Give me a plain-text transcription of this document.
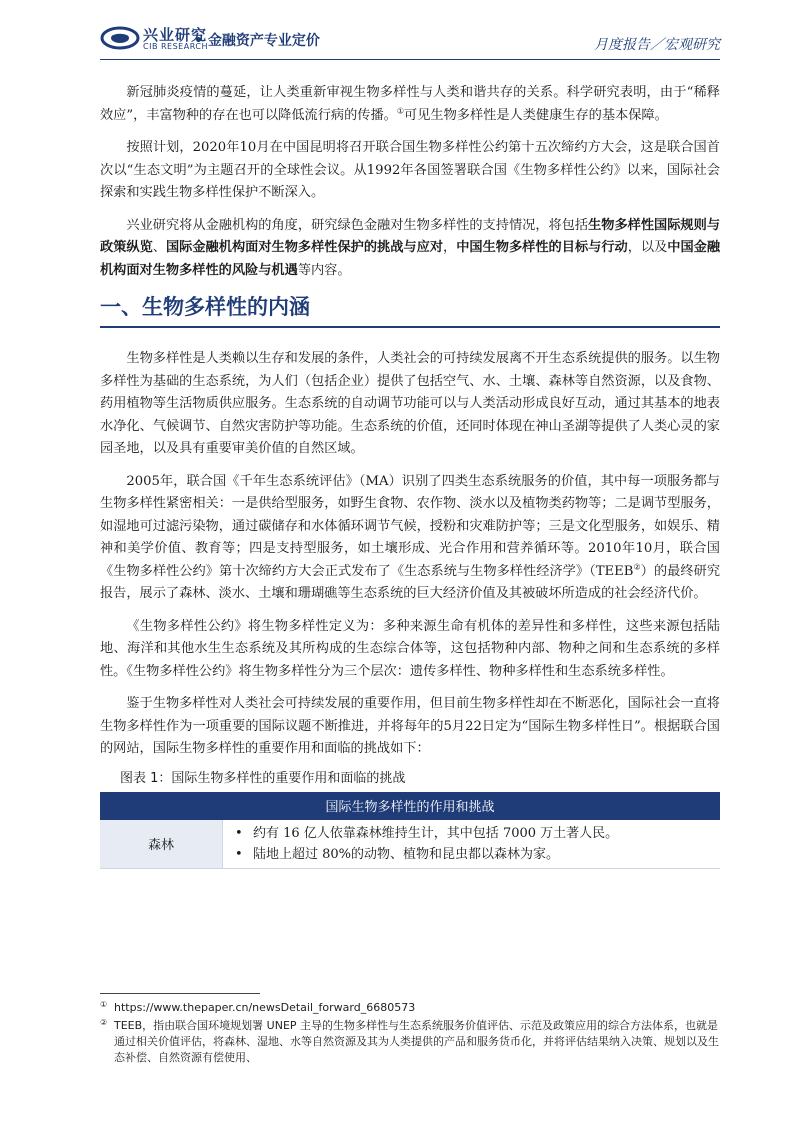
兴业研究
CIB RESEARCH
• 金融资产专业定价	月度报告／宏观研究

新冠肺炎疫情的蔓延，让人类重新审视生物多样性与人类和谐共存的关系。科学研究表明，由于“稀释效应”，丰富物种的存在也可以降低流行病的传播。①可见生物多样性是人类健康生存的基本保障。

按照计划，2020年10月在中国昆明将召开联合国生物多样性公约第十五次缔约方大会，这是联合国首次以“生态文明”为主题召开的全球性会议。从1992年各国签署联合国《生物多样性公约》以来，国际社会探索和实践生物多样性保护不断深入。

兴业研究将从金融机构的角度，研究绿色金融对生物多样性的支持情况，将包括生物多样性国际规则与政策纵览、国际金融机构面对生物多样性保护的挑战与应对，中国生物多样性的目标与行动，以及中国金融机构面对生物多样性的风险与机遇等内容。

一、生物多样性的内涵

生物多样性是人类赖以生存和发展的条件，人类社会的可持续发展离不开生态系统提供的服务。以生物多样性为基础的生态系统，为人们（包括企业）提供了包括空气、水、土壤、森林等自然资源，以及食物、药用植物等生活物质供应服务。生态系统的自动调节功能可以与人类活动形成良好互动，通过其基本的地表水净化、气候调节、自然灾害防护等功能。生态系统的价值，还同时体现在神山圣湖等提供了人类心灵的家园圣地，以及具有重要审美价值的自然区域。

2005年，联合国《千年生态系统评估》（MA）识别了四类生态系统服务的价值，其中每一项服务都与生物多样性紧密相关：一是供给型服务，如野生食物、农作物、淡水以及植物类药物等；二是调节型服务，如湿地可过滤污染物，通过碳储存和水体循环调节气候，授粉和灾难防护等；三是文化型服务，如娱乐、精神和美学价值、教育等；四是支持型服务，如土壤形成、光合作用和营养循环等。2010年10月，联合国《生物多样性公约》第十次缔约方大会正式发布了《生态系统与生物多样性经济学》（TEEB②）的最终研究报告，展示了森林、淡水、土壤和珊瑚礁等生态系统的巨大经济价值及其被破坏所造成的社会经济代价。

《生物多样性公约》将生物多样性定义为：多种来源生命有机体的差异性和多样性，这些来源包括陆地、海洋和其他水生生态系统及其所构成的生态综合体等，这包括物种内部、物种之间和生态系统的多样性。《生物多样性公约》将生物多样性分为三个层次：遗传多样性、物种多样性和生态系统多样性。

鉴于生物多样性对人类社会可持续发展的重要作用，但目前生物多样性却在不断恶化，国际社会一直将生物多样性作为一项重要的国际议题不断推进，并将每年的5月22日定为“国际生物多样性日”。根据联合国的网站，国际生物多样性的重要作用和面临的挑战如下：

图表 1：国际生物多样性的重要作用和面临的挑战
国际生物多样性的作用和挑战
森林	
• 约有 16 亿人依靠森林维持生计，其中包括 7000 万土著人民。
• 陆地上超过 80%的动物、植物和昆虫都以森林为家。
① https://www.thepaper.cn/newsDetail_forward_6680573
② TEEB，指由联合国环境规划署 UNEP 主导的生物多样性与生态系统服务价值评估、示范及政策应用的综合方法体系，也就是通过相关价值评估，将森林、湿地、水等自然资源及其为人类提供的产品和服务货币化，并将评估结果纳入决策、规划以及生态补偿、自然资源有偿使用、
